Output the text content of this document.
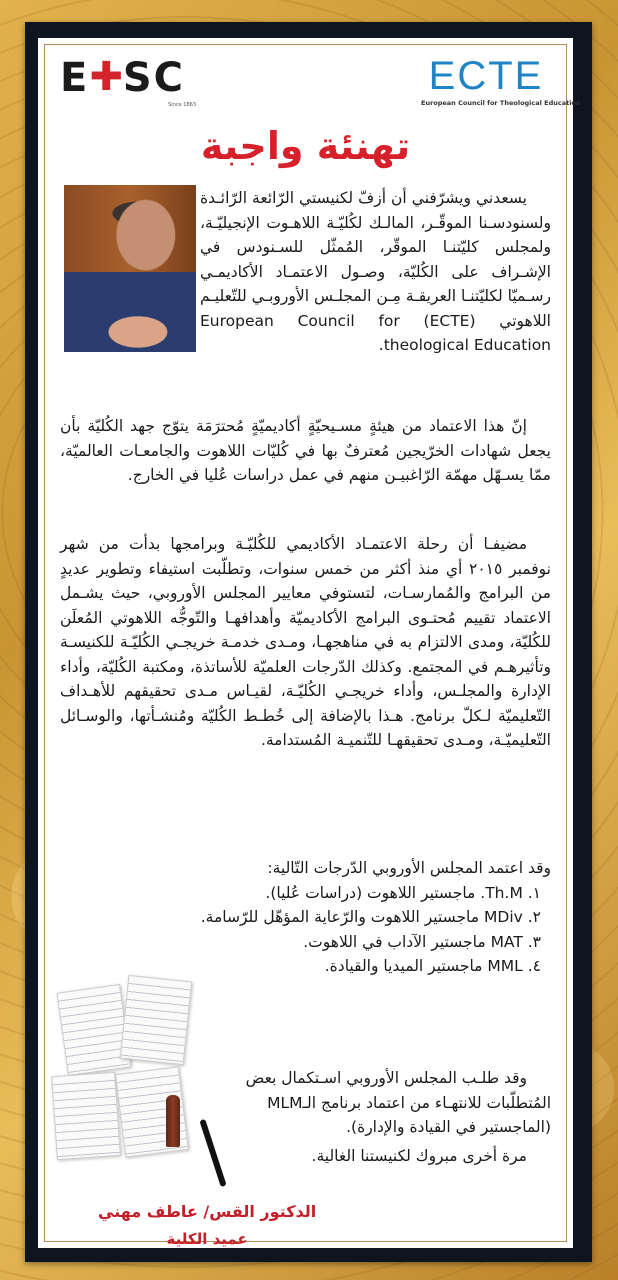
E ✚ SC
Since 1863
ECTE
European Council for Theological Education
تهنئة واجبة

يسعدني ويشرّفني أن أزفّ لكنيستي الرّائعة الرّائـدة ولسنودسـنا الموقّـر، المالـك لكُليّـة اللاهـوت الإنجيليّـة، ولمجلس كليّتنـا الموقّر، المُمثّل للسـنودس في الإشـراف على الكُليّة، وصـول الاعتمـاد الأكاديمـي رسـميّا لكليّتنـا العريقـة مِـن المجلـس الأوروبـي للتّعليـم اللاهوتي (ECTE) European Council for theological Education.

إنّ هذا الاعتماد من هيئةٍ مسـيحيّةٍ أكاديميّةٍ مُحترَمَة يتوّج جهد الكُليّة بأن يجعل شهادات الخرّيجين مُعترفٌ بها في كُليّات اللاهوت والجامعـات العالميّة، ممّا يسـهّل مهمّة الرّاغبيـن منهم في عمل دراسات عُليا في الخارج.

مضيفـا أن رحلة الاعتمـاد الأكاديمي للكُليّـة وبرامجها بدأت من شهر نوفمبر ٢٠١٥ أي منذ أكثر من خمس سنوات، وتطلّبت استيفاء وتطوير عديدٍ من البرامج والمُمارسـات، لتستوفي معايير المجلس الأوروبي، حيث يشـمل الاعتماد تقييم مُحتـوى البرامج الأكاديميّة وأهدافهـا والتّوجُّه اللاهوتي المُعلَن للكُليّة، ومدى الالتزام به في مناهجهـا، ومـدى خدمـة خريجـي الكُليّـة للكنيسـة وتأثيرهـم في المجتمع. وكذلك الدّرجات العلميّة للأساتذة، ومكتبة الكُليّة، وأداء الإدارة والمجلـس، وأداء خريجـي الكُليّـة، لقيـاس مـدى تحقيقهم للأهـداف التّعليميّة لـكلّ برنامج. هـذا بالإضافة إلى خُطـط الكُليّة ومُنشـأتها، والوسـائل التّعليميّـة، ومـدى تحقيقهـا للتّنميـة المُستدامة.

وقد اعتمد المجلس الأوروبي الدّرجات التّالية:
١. Th.M. ماجستير اللاهوت (دراسات عُليا).
٢. MDiv ماجستير اللاهوت والرّعاية المؤهّل للرّسامة.
٣. MAT ماجستير الآداب في اللاهوت.
٤. MML ماجستير الميديا والقيادة.

وقد طلـب المجلس الأوروبي اسـتكمال بعض المُتطلّبات للانتهـاء من اعتماد برنامج الـMLM (الماجستير في القيادة والإدارة).

مرة أخرى مبروك لكنيستنا الغالية.

الدكتور القس/ عاطف مهني
عميد الكلية
